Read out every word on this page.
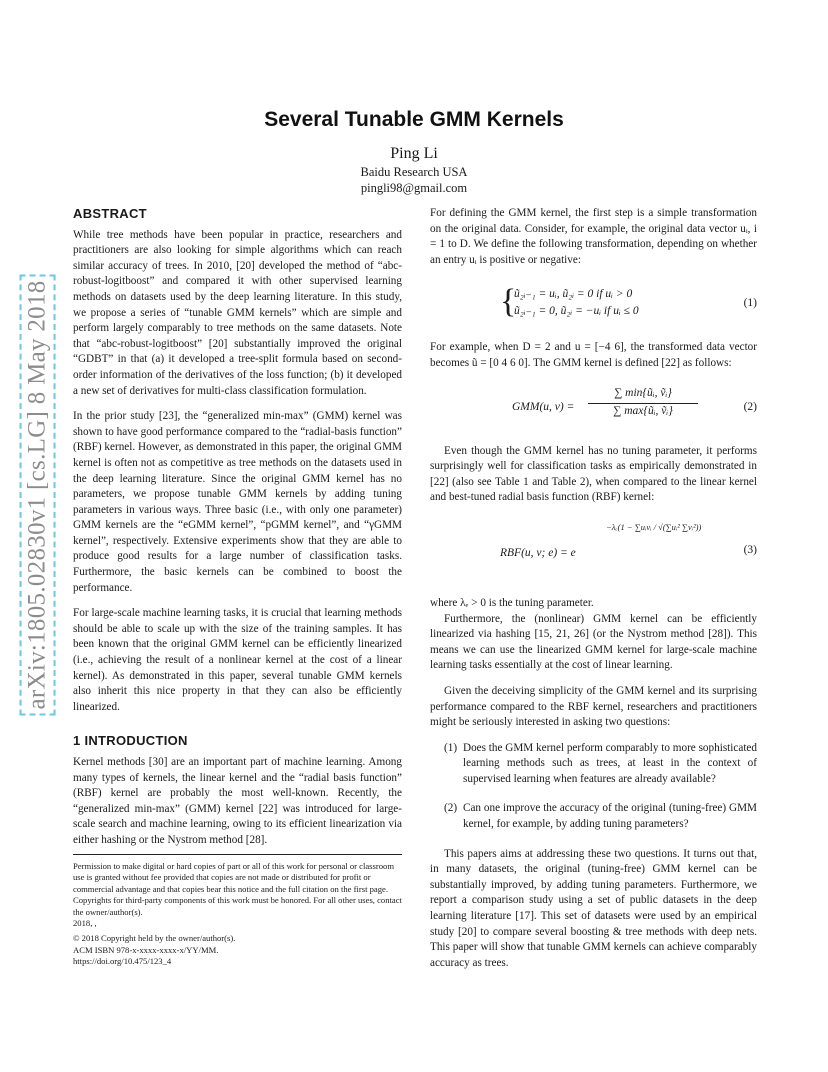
arXiv:1805.02830v1 [cs.LG] 8 May 2018
Several Tunable GMM Kernels
Ping Li
Baidu Research USA
pingli98@gmail.com
ABSTRACT

While tree methods have been popular in practice, researchers and practitioners are also looking for simple algorithms which can reach similar accuracy of trees. In 2010, [20] developed the method of “abc-robust-logitboost” and compared it with other supervised learning methods on datasets used by the deep learning literature. In this study, we propose a series of “tunable GMM kernels” which are simple and perform largely comparably to tree methods on the same datasets. Note that “abc-robust-logitboost” [20] substantially improved the original “GDBT” in that (a) it developed a tree-split formula based on second-order information of the derivatives of the loss function; (b) it developed a new set of derivatives for multi-class classification formulation.

In the prior study [23], the “generalized min-max” (GMM) kernel was shown to have good performance compared to the “radial-basis function” (RBF) kernel. However, as demonstrated in this paper, the original GMM kernel is often not as competitive as tree methods on the datasets used in the deep learning literature. Since the original GMM kernel has no parameters, we propose tunable GMM kernels by adding tuning parameters in various ways. Three basic (i.e., with only one parameter) GMM kernels are the “eGMM kernel”, “pGMM kernel”, and “γGMM kernel”, respectively. Extensive experiments show that they are able to produce good results for a large number of classification tasks. Furthermore, the basic kernels can be combined to boost the performance.

For large-scale machine learning tasks, it is crucial that learning methods should be able to scale up with the size of the training samples. It has been known that the original GMM kernel can be efficiently linearized (i.e., achieving the result of a nonlinear kernel at the cost of a linear kernel). As demonstrated in this paper, several tunable GMM kernels also inherit this nice property in that they can also be efficiently linearized.

1 INTRODUCTION

Kernel methods [30] are an important part of machine learning. Among many types of kernels, the linear kernel and the “radial basis function” (RBF) kernel are probably the most well-known. Recently, the “generalized min-max” (GMM) kernel [22] was introduced for large-scale search and machine learning, owing to its efficient linearization via either hashing or the Nystrom method [28].

Permission to make digital or hard copies of part or all of this work for personal or classroom use is granted without fee provided that copies are not made or distributed for profit or commercial advantage and that copies bear this notice and the full citation on the first page. Copyrights for third-party components of this work must be honored. For all other uses, contact the owner/author(s).
2018, ,
© 2018 Copyright held by the owner/author(s).
ACM ISBN 978-x-xxxx-xxxx-x/YY/MM.
https://doi.org/10.475/123_4

For defining the GMM kernel, the first step is a simple transformation on the original data. Consider, for example, the original data vector uᵢ, i = 1 to D. We define the following transformation, depending on whether an entry uᵢ is positive or negative:

{
ũ₂ᵢ₋₁ = uᵢ, ũ₂ᵢ = 0 if uᵢ > 0
ũ₂ᵢ₋₁ = 0, ũ₂ᵢ = −uᵢ if uᵢ ≤ 0
(1)

For example, when D = 2 and u = [−4 6], the transformed data vector becomes ũ = [0 4 6 0]. The GMM kernel is defined [22] as follows:

GMM(u, v) =
∑ min{ũᵢ, ṽᵢ}
∑ max{ũᵢ, ṽᵢ}	(2)

Even though the GMM kernel has no tuning parameter, it performs surprisingly well for classification tasks as empirically demonstrated in [22] (also see Table 1 and Table 2), when compared to the linear kernel and best-tuned radial basis function (RBF) kernel:

RBF(u, v; e) = e
−λₑ(1 − ∑uᵢvᵢ / √(∑uᵢ² ∑vᵢ²))
(3)

where λₑ > 0 is the tuning parameter.

Furthermore, the (nonlinear) GMM kernel can be efficiently linearized via hashing [15, 21, 26] (or the Nystrom method [28]). This means we can use the linearized GMM kernel for large-scale machine learning tasks essentially at the cost of linear learning.

Given the deceiving simplicity of the GMM kernel and its surprising performance compared to the RBF kernel, researchers and practitioners might be seriously interested in asking two questions:

(1) Does the GMM kernel perform comparably to more sophisticated learning methods such as trees, at least in the context of supervised learning when features are already available?
(2) Can one improve the accuracy of the original (tuning-free) GMM kernel, for example, by adding tuning parameters?

This papers aims at addressing these two questions. It turns out that, in many datasets, the original (tuning-free) GMM kernel can be substantially improved, by adding tuning parameters. Furthermore, we report a comparison study using a set of public datasets in the deep learning literature [17]. This set of datasets were used by an empirical study [20] to compare several boosting & tree methods with deep nets. This paper will show that tunable GMM kernels can achieve comparably accuracy as trees.
